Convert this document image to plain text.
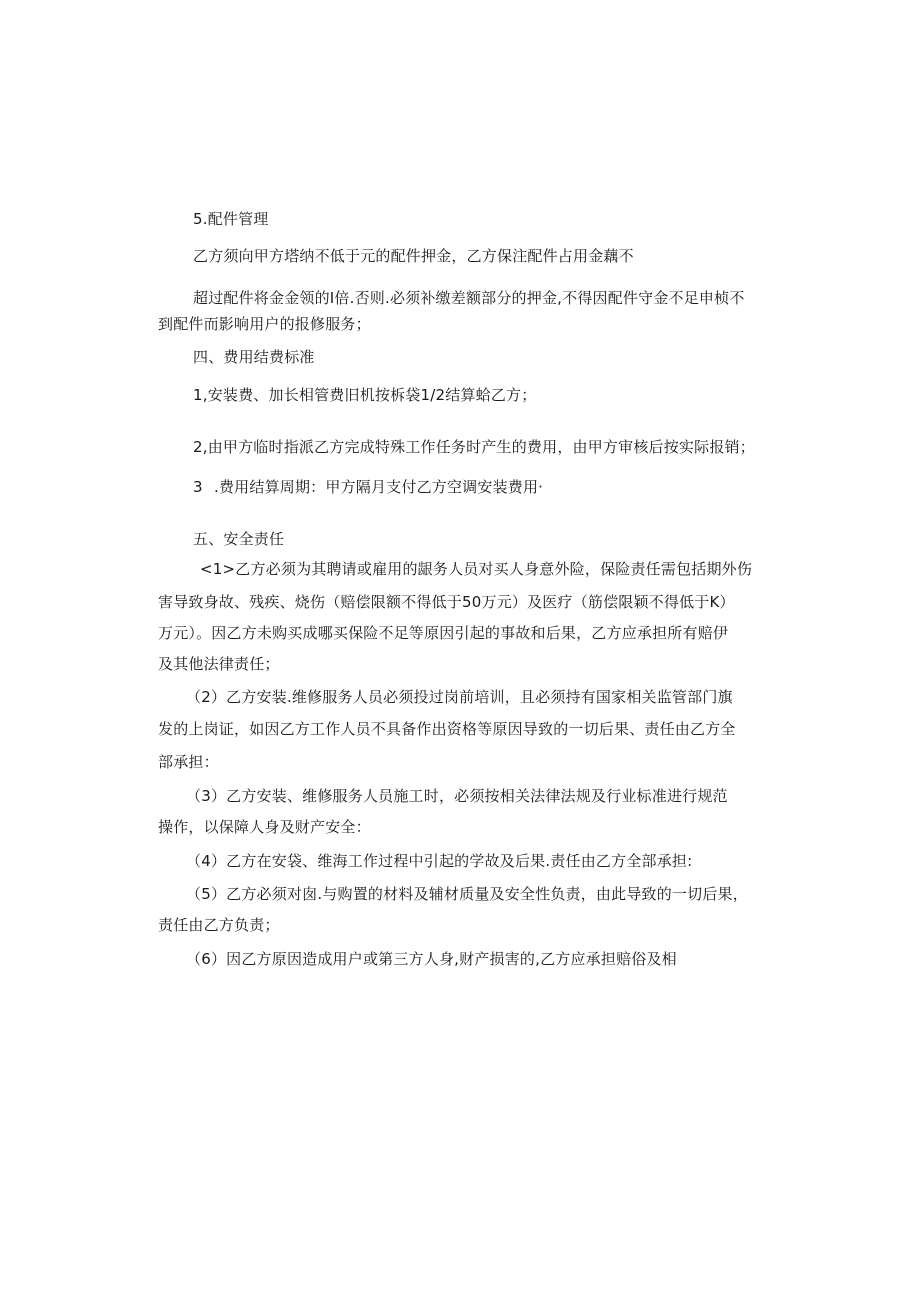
5.配件管理

乙方须向甲方塔纳不低于元的配件押金，乙方保注配件占用金藕不

超过配件将金金领的I倍.否则.必须补缴差额部分的押金,不得因配件守金不足申桢不

到配件而影响用户的报修服务；

四、费用结费标准

1,安装费、加长相管费旧机按柝袋1/2结算蛤乙方；

2,由甲方临时指派乙方完成特殊工作任务时产生的费用，由甲方审核后按实际报销；

3 .费用结算周期：甲方隔月支付乙方空调安装费用·

五、安全责任

<1>乙方必须为其聘请或雇用的龈务人员对买人身意外险，保险责任需包括期外伤

害导致身故、残疾、烧伤（赔偿限额不得低于50万元）及医疗（筋偿限颖不得低于K）

万元）。因乙方未购买成哪买保险不足等原因引起的事故和后果，乙方应承担所有赔伊

及其他法律责任；

（2）乙方安装.维修服务人员必须投过岗前培训，且必须持有国家相关监管部门旗

发的上岗证，如因乙方工作人员不具备作出资格等原因导致的一切后果、责任由乙方全

部承担：

（3）乙方安装、维修服务人员施工时，必须按相关法律法规及行业标准进行规范

操作，以保障人身及财产安全：

（4）乙方在安袋、维海工作过程中引起的学故及后果.责任由乙方全部承担:

（5）乙方必须对囱.与购置的材料及辅材质量及安全性负责，由此导致的一切后果，

责任由乙方负责；

（6）因乙方原因造成用户或第三方人身,财产损害的,乙方应承担赔俗及相
